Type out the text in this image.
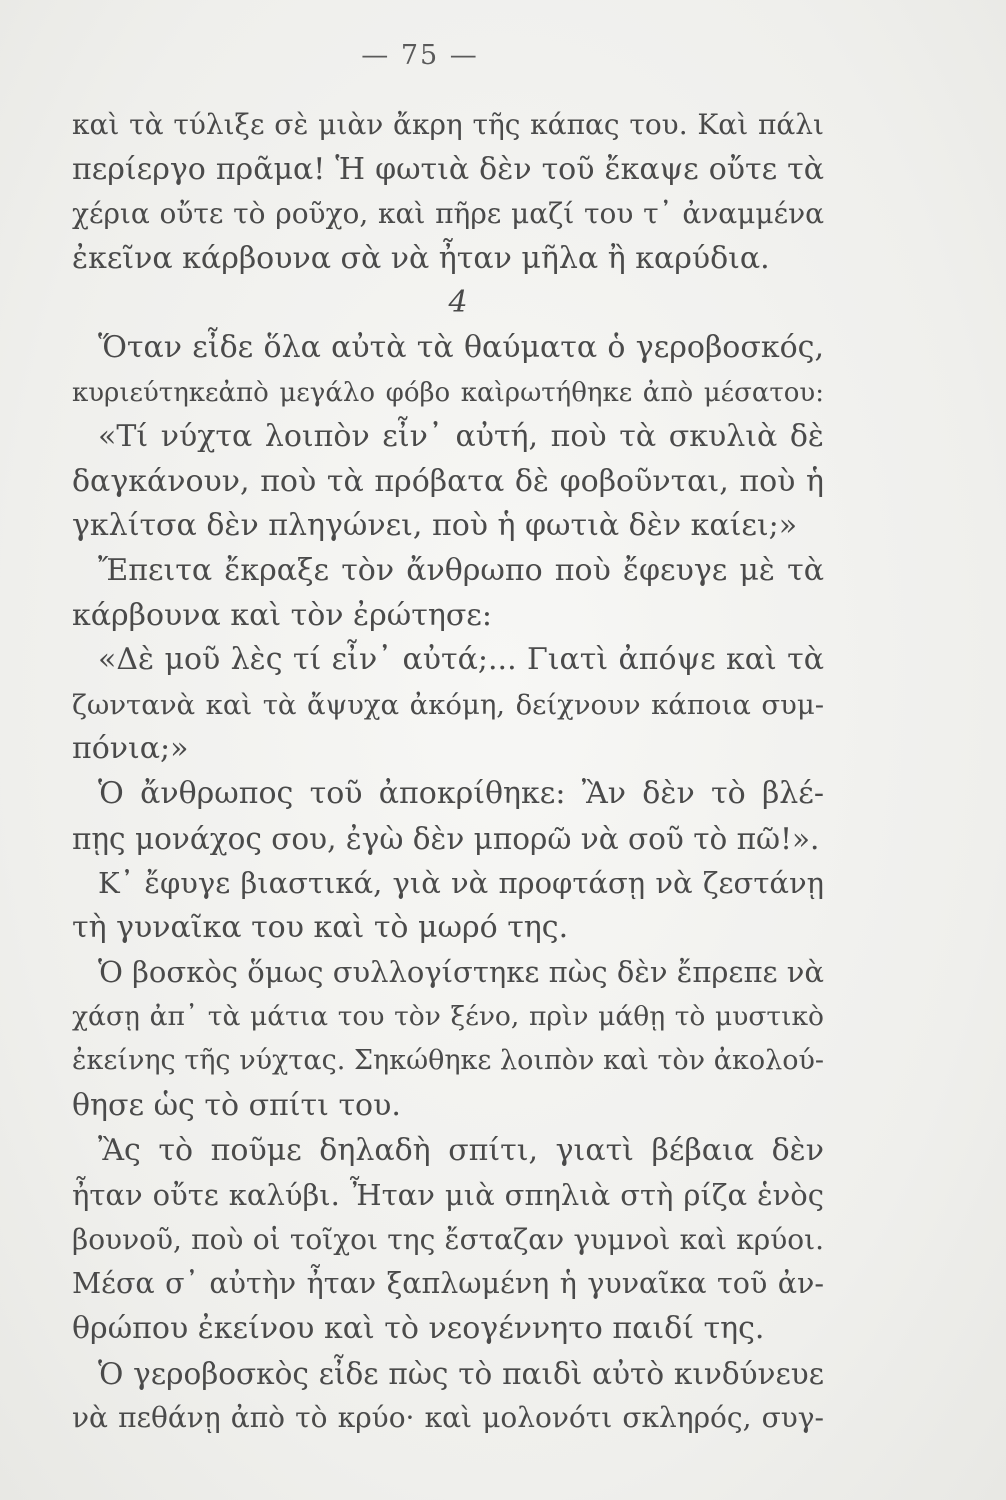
— 75 —
καὶ τὰ τύλιξε σὲ μιὰν ἄκρη τῆς κάπας του. Καὶ πάλι
περίεργο πρᾶμα! Ἡ φωτιὰ δὲν τοῦ ἔκαψε οὔτε τὰ
χέρια οὔτε τὸ ροῦχο, καὶ πῆρε μαζί του τ᾽ ἀναμμένα
ἐκεῖνα κάρβουνα σὰ νὰ ἦταν μῆλα ἢ καρύδια.
4
Ὅταν εἶδε ὅλα αὐτὰ τὰ θαύματα ὁ γεροβοσκός,
κυριεύτηκεἀπὸ μεγάλο φόβο καὶρωτήθηκε ἀπὸ μέσατου:
«Τί νύχτα λοιπὸν εἶν᾽ αὐτή, ποὺ τὰ σκυλιὰ δὲ
δαγκάνουν, ποὺ τὰ πρόβατα δὲ φοβοῦνται, ποὺ ἡ
γκλίτσα δὲν πληγώνει, ποὺ ἡ φωτιὰ δὲν καίει;»
Ἔπειτα ἔκραξε τὸν ἄνθρωπο ποὺ ἔφευγε μὲ τὰ
κάρβουνα καὶ τὸν ἐρώτησε:
«Δὲ μοῦ λὲς τί εἶν᾽ αὐτά;... Γιατὶ ἀπόψε καὶ τὰ
ζωντανὰ καὶ τὰ ἄψυχα ἀκόμη, δείχνουν κάποια συμ-
πόνια;»
Ὁ ἄνθρωπος τοῦ ἀποκρίθηκε: Ἂν δὲν τὸ βλέ-
πῃς μονάχος σου, ἐγὼ δὲν μπορῶ νὰ σοῦ τὸ πῶ!».
Κ᾽ ἔφυγε βιαστικά, γιὰ νὰ προφτάσῃ νὰ ζεστάνῃ
τὴ γυναῖκα του καὶ τὸ μωρό της.
Ὁ βοσκὸς ὅμως συλλογίστηκε πὼς δὲν ἔπρεπε νὰ
χάσῃ ἀπ᾽ τὰ μάτια του τὸν ξένο, πρὶν μάθῃ τὸ μυστικὸ
ἐκείνης τῆς νύχτας. Σηκώθηκε λοιπὸν καὶ τὸν ἀκολού-
θησε ὡς τὸ σπίτι του.
Ἂς τὸ ποῦμε δηλαδὴ σπίτι, γιατὶ βέβαια δὲν
ἦταν οὔτε καλύβι. Ἦταν μιὰ σπηλιὰ στὴ ρίζα ἑνὸς
βουνοῦ, ποὺ οἱ τοῖχοι της ἔσταζαν γυμνοὶ καὶ κρύοι.
Μέσα σ᾽ αὐτὴν ἦταν ξαπλωμένη ἡ γυναῖκα τοῦ ἀν-
θρώπου ἐκείνου καὶ τὸ νεογέννητο παιδί της.
Ὁ γεροβοσκὸς εἶδε πὼς τὸ παιδὶ αὐτὸ κινδύνευε
νὰ πεθάνῃ ἀπὸ τὸ κρύο· καὶ μολονότι σκληρός, συγ-
